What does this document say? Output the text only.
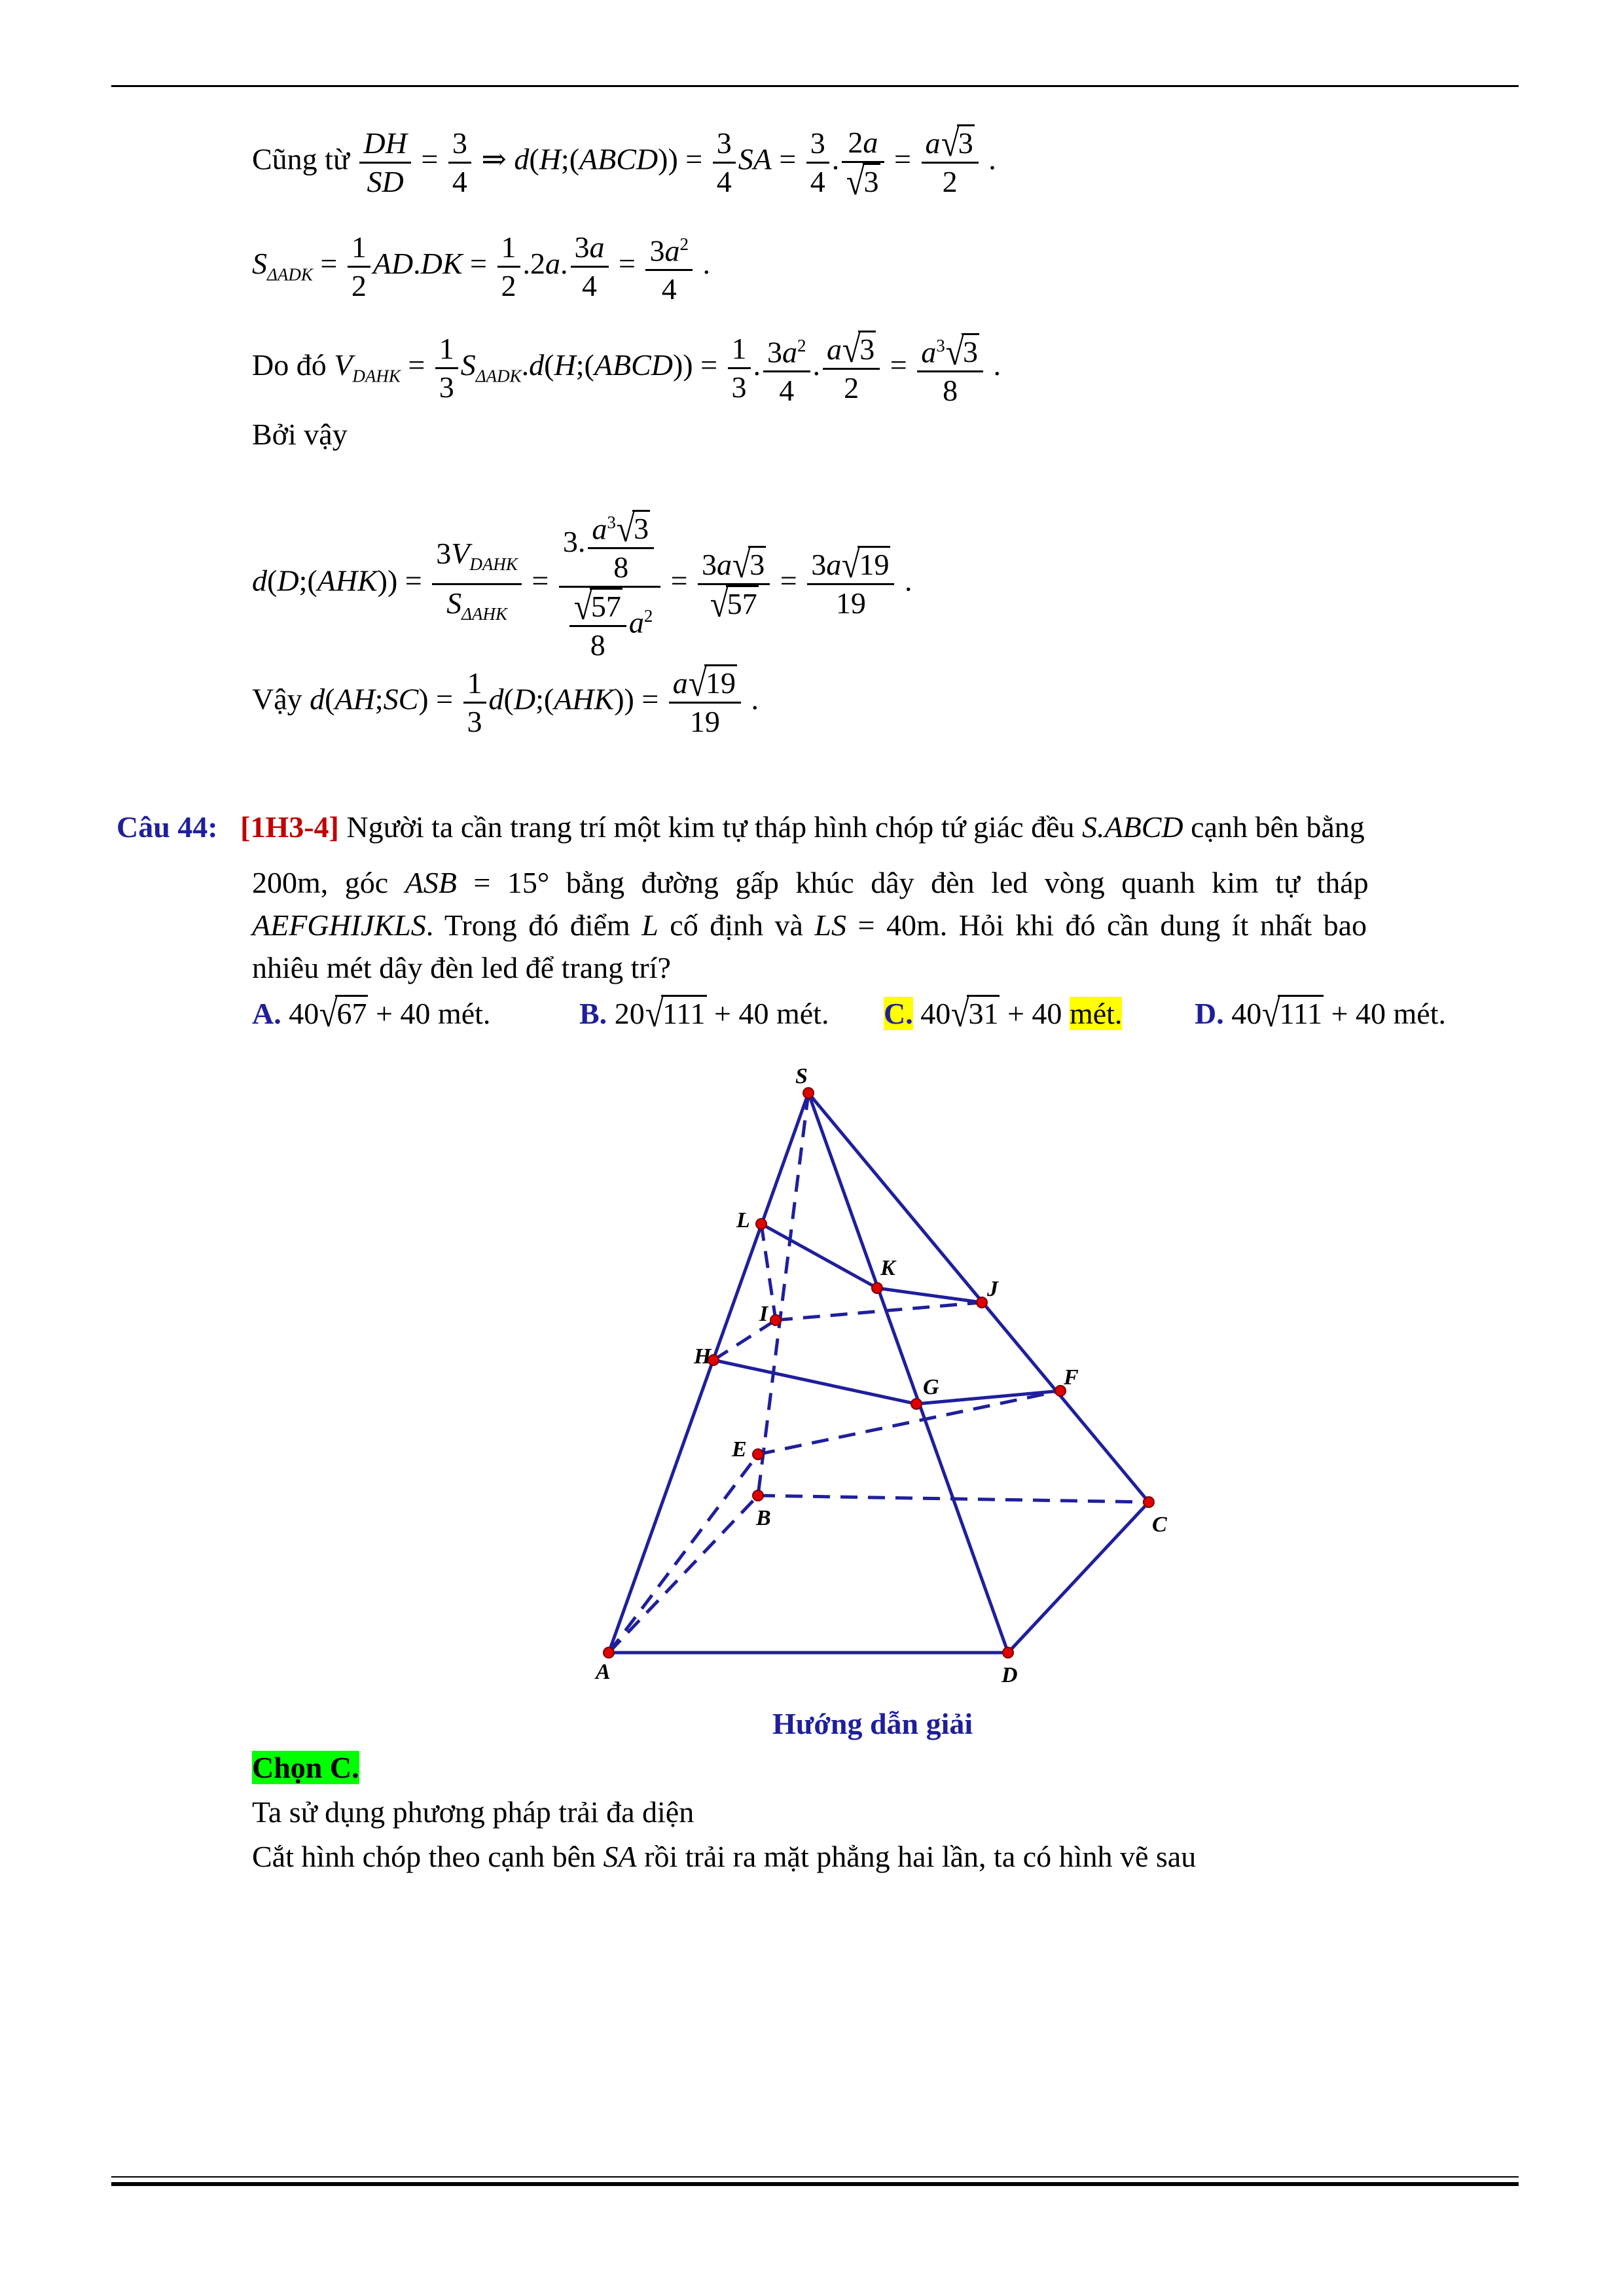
Cũng từ $\frac{DH}{SD} = \frac{3}{4}$ ⇒ d(H;(ABCD)) = $\frac{3}{4}$ SA = $\frac{3}{4}$ . $\frac{2a}{√3} = \frac{a√3}{2}$ .
$S_{\Delta ADK} = \frac{1}{2} AD.DK = \frac{1}{2} .2a$. $\frac{3a}{4} = \frac{3a^2}{4}$ .
Do đó $V_{DAHK} = \frac{1}{3}$ $S_{\Delta ADK}.d(H;(ABCD)) = \frac{1}{3}$ . $\frac{3a^2}{4}$ . $\frac{a√3}{2} = \frac{a^3√3}{8}$ .
Bởi vậy
d(D;(AHK)) = $\frac{3V_{DAHK}}{S_{\Delta AHK}} = \frac{3. \frac{a^3√3}{8}}{\frac{√57}{8} a^2} = \frac{3a√3}{√57} = \frac{3a√19}{19}$ .
Vậy d(AH;SC) = $\frac{1}{3}$ d(D;(AHK)) = $\frac{a√19}{19}$ .
Câu 44: [1H3-4] Người ta cần trang trí một kim tự tháp hình chóp tứ giác đều S.ABCD cạnh bên bằng
200m, góc ASB = 15° bằng đường gấp khúc dây đèn led vòng quanh kim tự tháp
AEFGHIJKLS. Trong đó điểm L cố định và LS = 40m. Hỏi khi đó cần dung ít nhất bao
nhiêu mét dây đèn led để trang trí?
A. 40√67 + 40 mét.	B. 20√111 + 40 mét. C. 40√31 + 40 mét. D. 40√111 + 40 mét.
S
L
K
J
I
H
G	F
E
B	C
A	D
Hướng dẫn giải
Chọn C.
Ta sử dụng phương pháp trải đa diện
Cắt hình chóp theo cạnh bên SA rồi trải ra mặt phẳng hai lần, ta có hình vẽ sau
